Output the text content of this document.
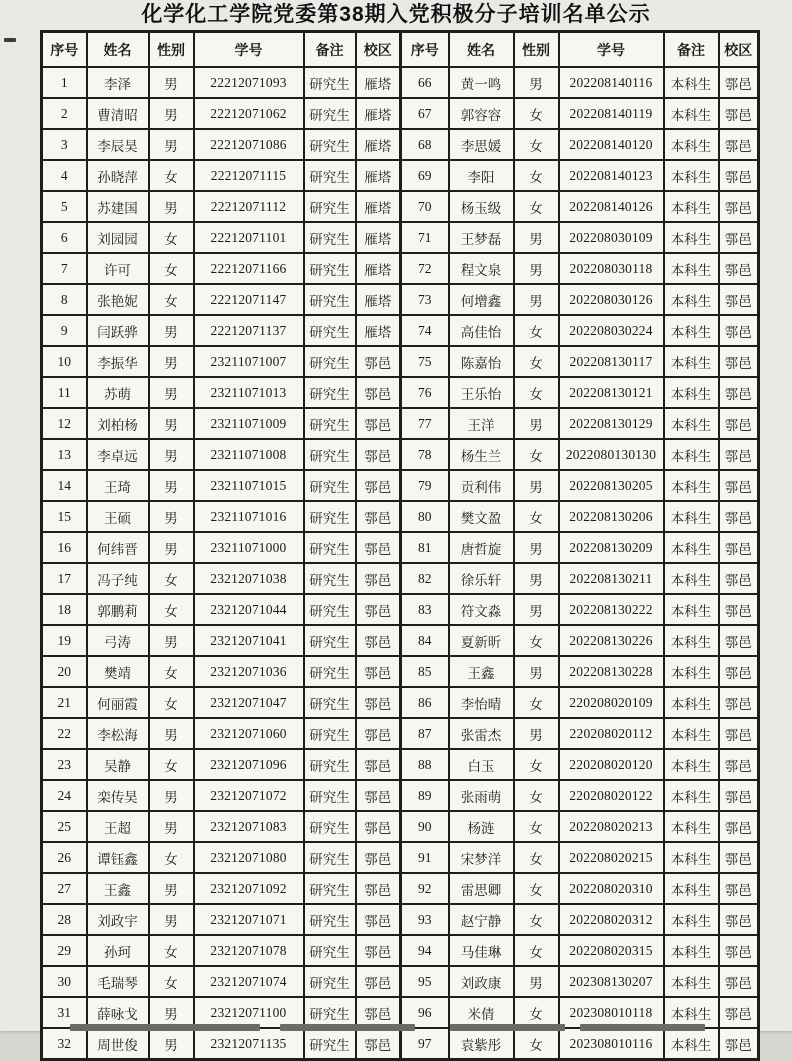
化学化工学院党委第38期入党积极分子培训名单公示
序号	姓名	性别	学号	备注	校区	序号	姓名	性别	学号	备注	校区
1	李泽	男	22212071093	研究生	雁塔	66	黄一鸣	男	202208140116	本科生	鄠邑
2	曹清昭	男	22212071062	研究生	雁塔	67	郭容容	女	202208140119	本科生	鄠邑
3	李辰昊	男	22212071086	研究生	雁塔	68	李思媛	女	202208140120	本科生	鄠邑
4	孙晓萍	女	22212071115	研究生	雁塔	69	李阳	女	202208140123	本科生	鄠邑
5	苏建国	男	22212071112	研究生	雁塔	70	杨玉级	女	202208140126	本科生	鄠邑
6	刘园园	女	22212071101	研究生	雁塔	71	王梦磊	男	202208030109	本科生	鄠邑
7	许可	女	22212071166	研究生	雁塔	72	程文泉	男	202208030118	本科生	鄠邑
8	张艳妮	女	22212071147	研究生	雁塔	73	何增鑫	男	202208030126	本科生	鄠邑
9	闫跃骅	男	22212071137	研究生	雁塔	74	高佳怡	女	202208030224	本科生	鄠邑
10	李振华	男	23211071007	研究生	鄠邑	75	陈嘉怡	女	202208130117	本科生	鄠邑
11	苏萌	男	23211071013	研究生	鄠邑	76	王乐怡	女	202208130121	本科生	鄠邑
12	刘柏杨	男	23211071009	研究生	鄠邑	77	王洋	男	202208130129	本科生	鄠邑
13	李卓远	男	23211071008	研究生	鄠邑	78	杨生兰	女	2022080130130	本科生	鄠邑
14	王琦	男	23211071015	研究生	鄠邑	79	贡利伟	男	202208130205	本科生	鄠邑
15	王硕	男	23211071016	研究生	鄠邑	80	樊文盈	女	202208130206	本科生	鄠邑
16	何纬晋	男	23211071000	研究生	鄠邑	81	唐哲旋	男	202208130209	本科生	鄠邑
17	冯子纯	女	23212071038	研究生	鄠邑	82	徐乐轩	男	202208130211	本科生	鄠邑
18	郭鹏莉	女	23212071044	研究生	鄠邑	83	符文淼	男	202208130222	本科生	鄠邑
19	弓涛	男	23212071041	研究生	鄠邑	84	夏新昕	女	202208130226	本科生	鄠邑
20	樊靖	女	23212071036	研究生	鄠邑	85	王鑫	男	202208130228	本科生	鄠邑
21	何丽霞	女	23212071047	研究生	鄠邑	86	李怡晴	女	220208020109	本科生	鄠邑
22	李松海	男	23212071060	研究生	鄠邑	87	张雷杰	男	220208020112	本科生	鄠邑
23	吴静	女	23212071096	研究生	鄠邑	88	白玉	女	220208020120	本科生	鄠邑
24	栾传昊	男	23212071072	研究生	鄠邑	89	张雨萌	女	220208020122	本科生	鄠邑
25	王超	男	23212071083	研究生	鄠邑	90	杨涟	女	202208020213	本科生	鄠邑
26	谭钰鑫	女	23212071080	研究生	鄠邑	91	宋梦洋	女	202208020215	本科生	鄠邑
27	王鑫	男	23212071092	研究生	鄠邑	92	雷思卿	女	202208020310	本科生	鄠邑
28	刘政宇	男	23212071071	研究生	鄠邑	93	赵宁静	女	202208020312	本科生	鄠邑
29	孙珂	女	23212071078	研究生	鄠邑	94	马佳琳	女	202208020315	本科生	鄠邑
30	毛瑞琴	女	23212071074	研究生	鄠邑	95	刘政康	男	202308130207	本科生	鄠邑
31	薛咏戈	男	23212071100	研究生	鄠邑	96	米倩	女	202308010118	本科生	鄠邑
32	周世俊	男	23212071135	研究生	鄠邑	97	袁紫彤	女	202308010116	本科生	鄠邑
